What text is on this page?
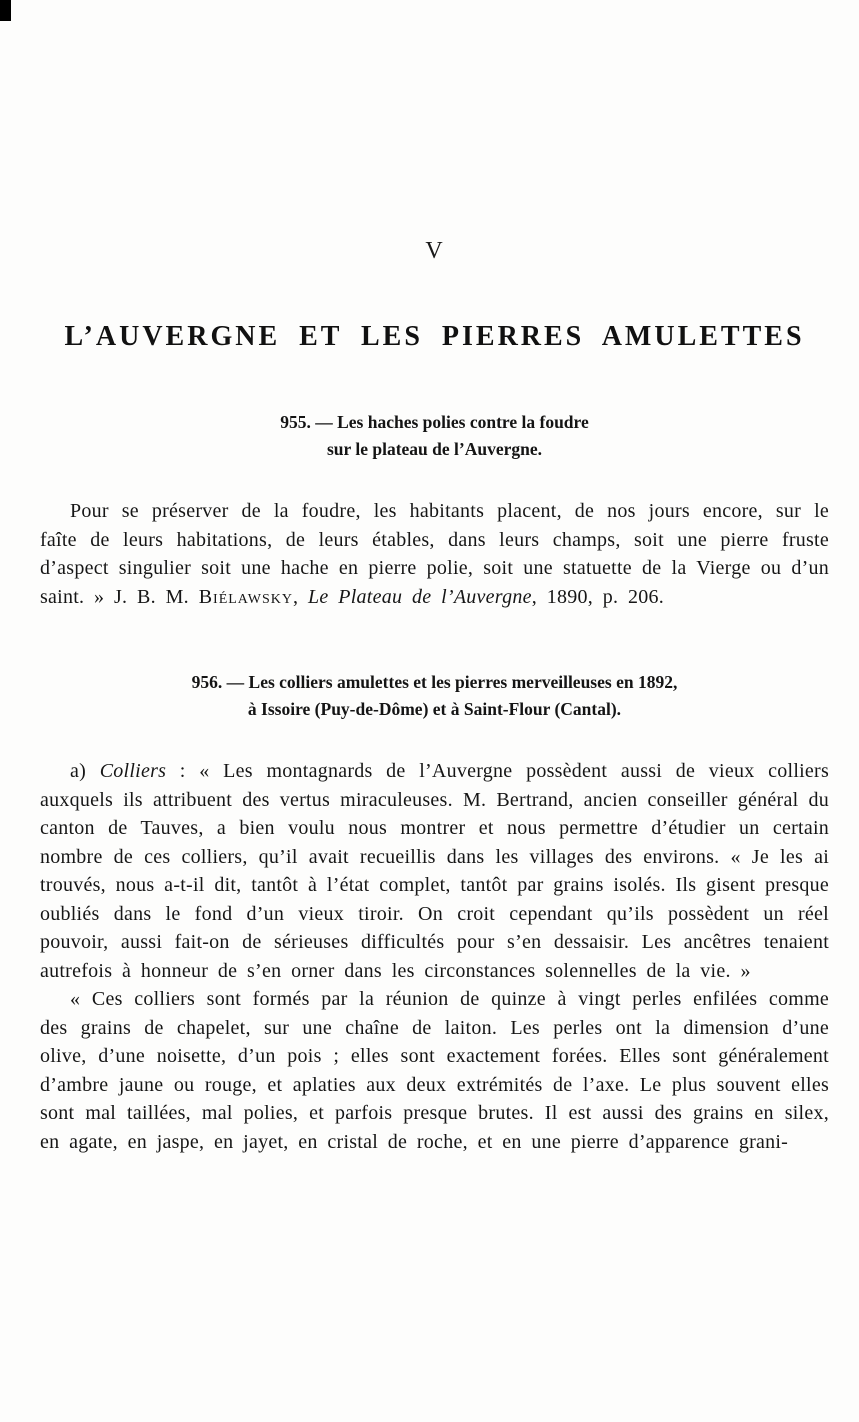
V
L’AUVERGNE ET LES PIERRES AMULETTES
955. — Les haches polies contre la foudre
sur le plateau de l’Auvergne.

Pour se préserver de la foudre, les habitants placent, de nos jours encore, sur le faîte de leurs habitations, de leurs étables, dans leurs champs, soit une pierre fruste d’aspect singulier soit une hache en pierre polie, soit une statuette de la Vierge ou d’un saint. » J. B. M. Biélawsky, Le Plateau de l’Auvergne, 1890, p. 206.

956. — Les colliers amulettes et les pierres merveilleuses en 1892,
à Issoire (Puy-de-Dôme) et à Saint-Flour (Cantal).

a) Colliers : « Les montagnards de l’Auvergne possèdent aussi de vieux colliers auxquels ils attribuent des vertus miraculeuses. M. Bertrand, ancien conseiller général du canton de Tauves, a bien voulu nous montrer et nous permettre d’étudier un certain nombre de ces colliers, qu’il avait recueillis dans les villages des environs. « Je les ai trouvés, nous a-t-il dit, tantôt à l’état complet, tantôt par grains isolés. Ils gisent presque oubliés dans le fond d’un vieux tiroir. On croit cependant qu’ils possèdent un réel pouvoir, aussi fait-on de sérieuses difficultés pour s’en dessaisir. Les ancêtres tenaient autrefois à honneur de s’en orner dans les circonstances solennelles de la vie. »

« Ces colliers sont formés par la réunion de quinze à vingt perles enfilées comme des grains de chapelet, sur une chaîne de laiton. Les perles ont la dimension d’une olive, d’une noisette, d’un pois ; elles sont exactement forées. Elles sont généralement d’ambre jaune ou rouge, et aplaties aux deux extrémités de l’axe. Le plus souvent elles sont mal taillées, mal polies, et parfois presque brutes. Il est aussi des grains en silex, en agate, en jaspe, en jayet, en cristal de roche, et en une pierre d’apparence grani-
